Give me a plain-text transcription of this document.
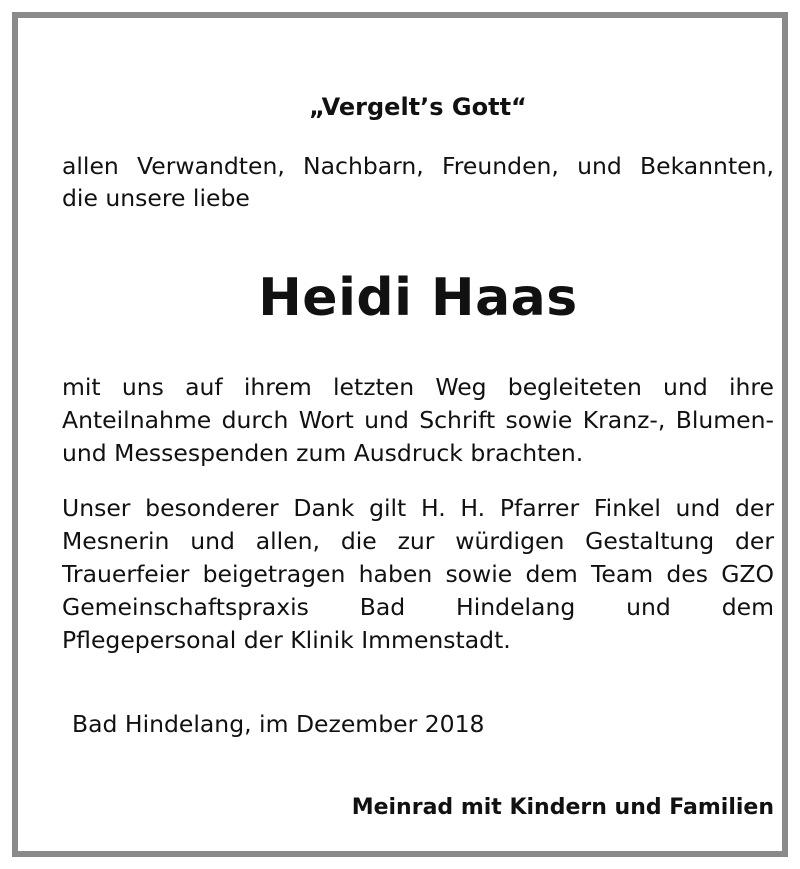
„Vergelt’s Gott“
allen Verwandten, Nachbarn, Freunden, und Bekannten,
die unsere liebe
Heidi Haas
mit uns auf ihrem letzten Weg begleiteten und ihre Anteilnahme durch Wort und Schrift sowie Kranz-, Blumen- und Messespenden zum Ausdruck brachten.
Unser besonderer Dank gilt H. H. Pfarrer Finkel und der Mesnerin und allen, die zur würdigen Gestaltung der Trauerfeier beigetragen haben sowie dem Team des GZO Gemeinschaftspraxis Bad Hindelang und dem Pflegepersonal der Klinik Immenstadt.
Bad Hindelang, im Dezember 2018
Meinrad mit Kindern und Familien
